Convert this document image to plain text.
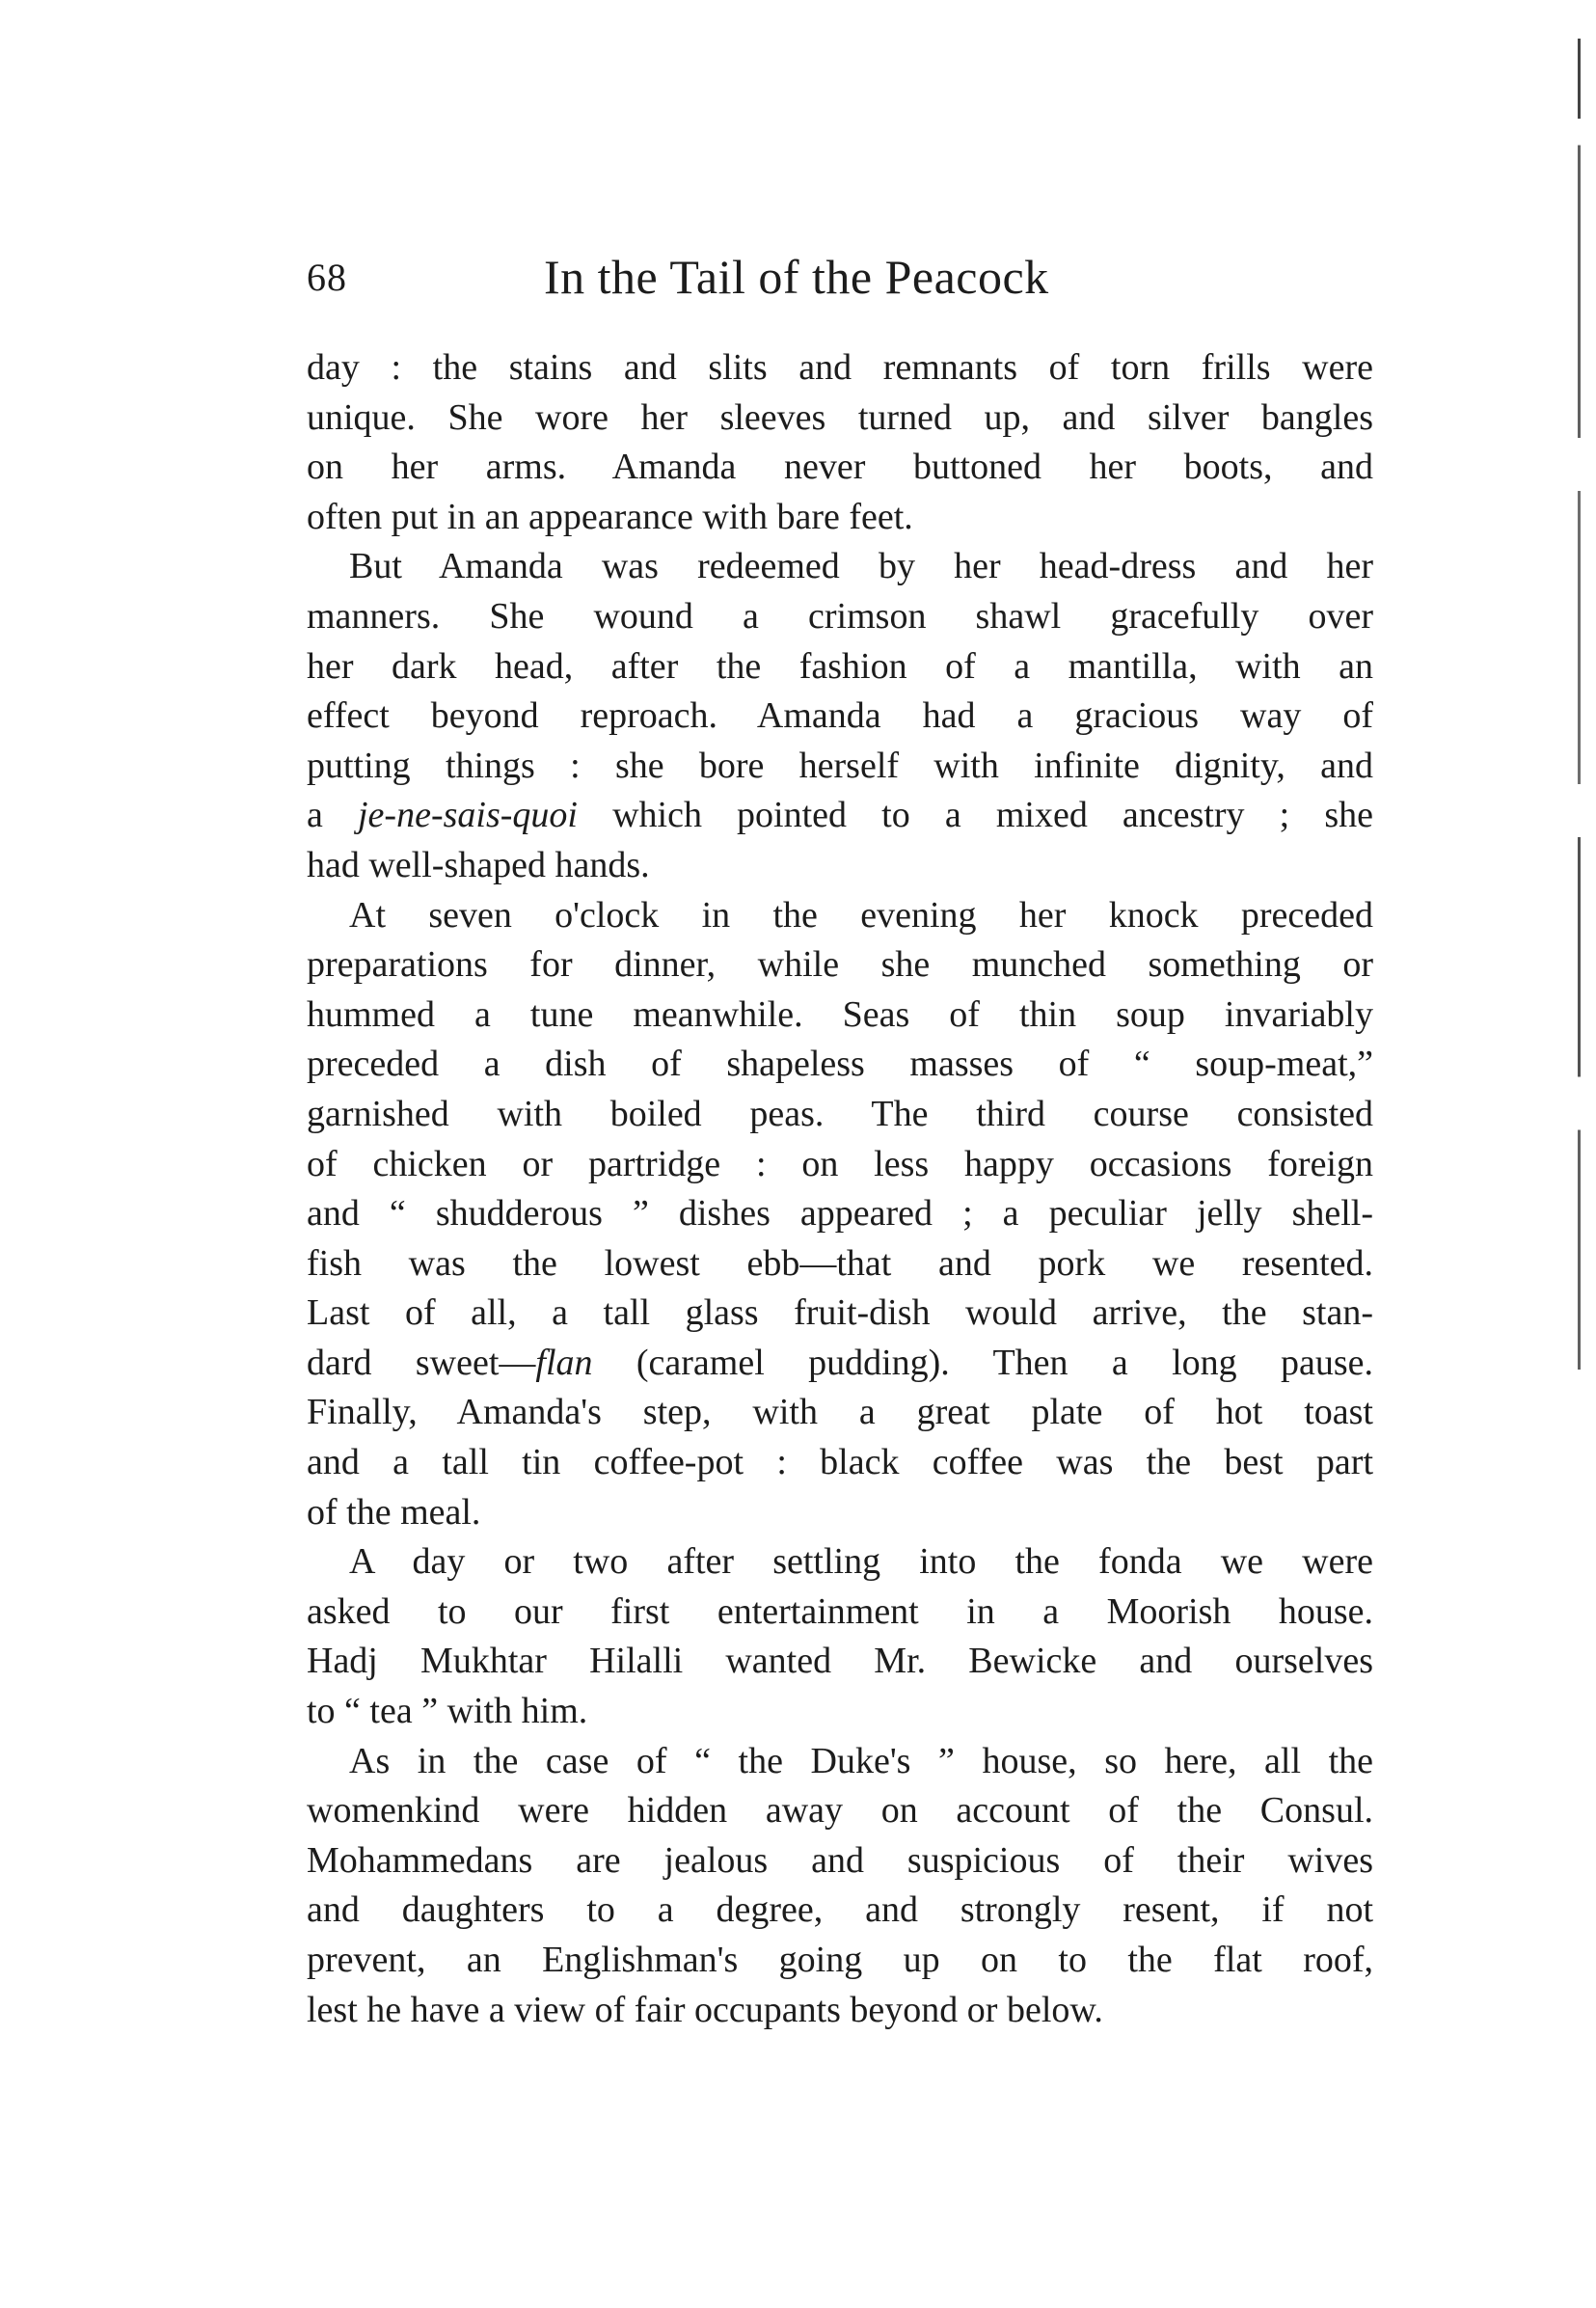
68	In the Tail of the Peacock
day : the stains and slits and remnants of torn frills were
unique. She wore her sleeves turned up, and silver bangles
on her arms. Amanda never buttoned her boots, and
often put in an appearance with bare feet.
But Amanda was redeemed by her head-dress and her
manners. She wound a crimson shawl gracefully over
her dark head, after the fashion of a mantilla, with an
effect beyond reproach. Amanda had a gracious way of
putting things : she bore herself with infinite dignity, and
a je-ne-sais-quoi which pointed to a mixed ancestry ; she
had well-shaped hands.
At seven o'clock in the evening her knock preceded
preparations for dinner, while she munched something or
hummed a tune meanwhile. Seas of thin soup invariably
preceded a dish of shapeless masses of “ soup-meat,”
garnished with boiled peas. The third course consisted
of chicken or partridge : on less happy occasions foreign
and “ shudderous ” dishes appeared ; a peculiar jelly shell-
fish was the lowest ebb—that and pork we resented.
Last of all, a tall glass fruit-dish would arrive, the stan-
dard sweet—flan (caramel pudding). Then a long pause.
Finally, Amanda's step, with a great plate of hot toast
and a tall tin coffee-pot : black coffee was the best part
of the meal.
A day or two after settling into the fonda we were
asked to our first entertainment in a Moorish house.
Hadj Mukhtar Hilalli wanted Mr. Bewicke and ourselves
to “ tea ” with him.
As in the case of “ the Duke's ” house, so here, all the
womenkind were hidden away on account of the Consul.
Mohammedans are jealous and suspicious of their wives
and daughters to a degree, and strongly resent, if not
prevent, an Englishman's going up on to the flat roof,
lest he have a view of fair occupants beyond or below.
